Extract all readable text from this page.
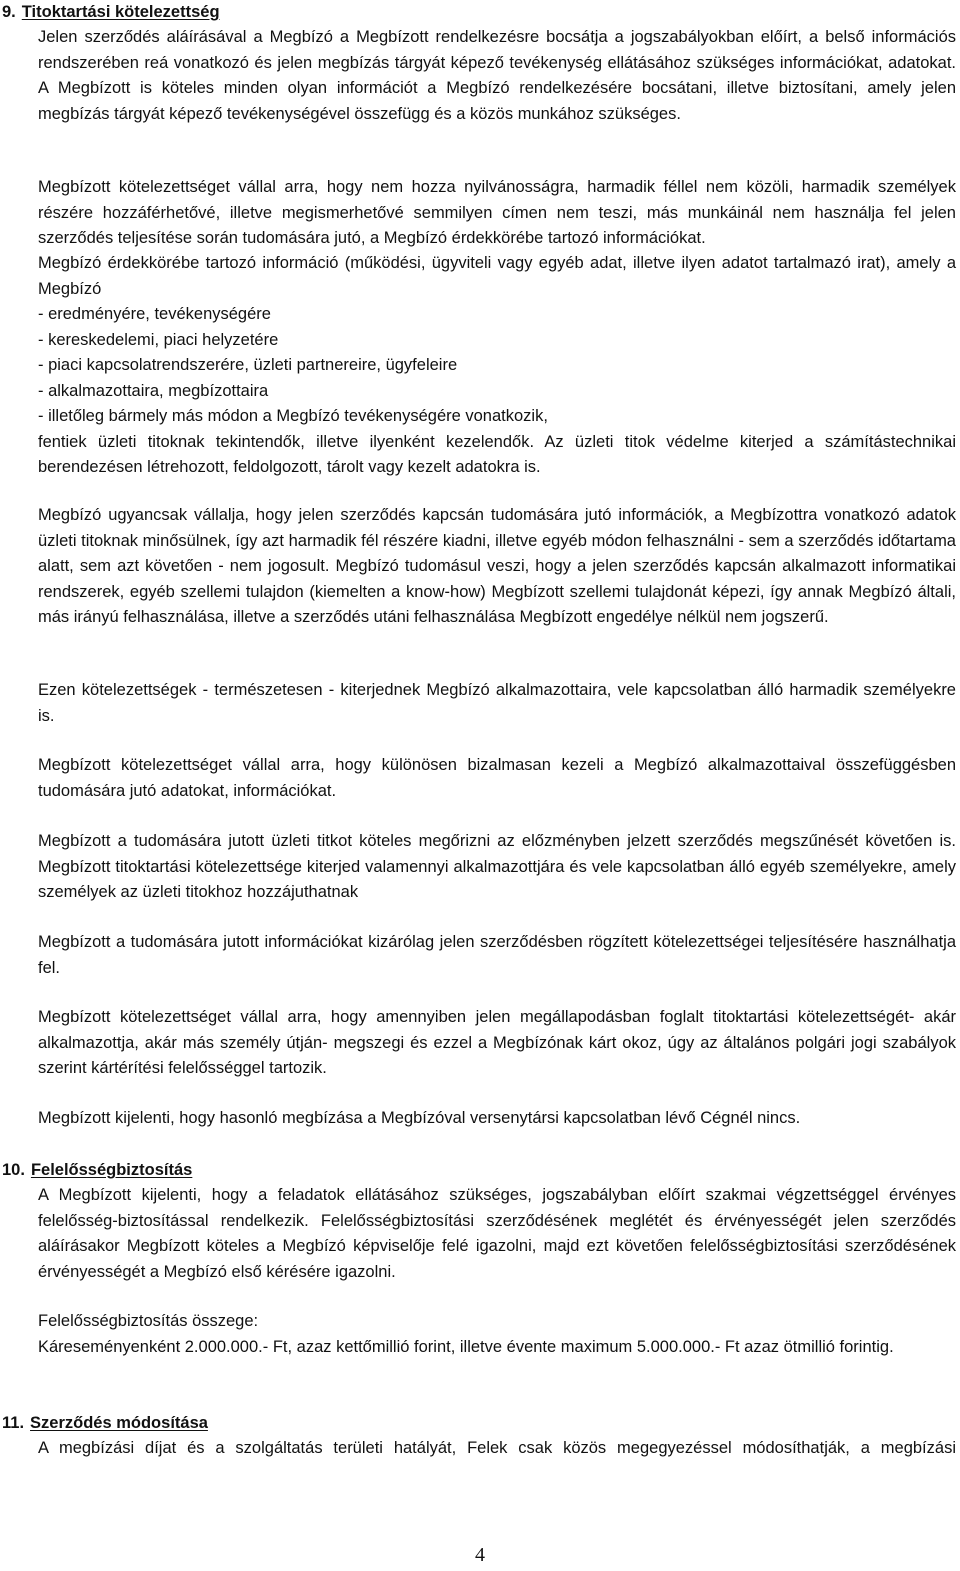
9. Titoktartási kötelezettség

Jelen szerződés aláírásával a Megbízó a Megbízott rendelkezésre bocsátja a jogszabályokban előírt, a belső információs rendszerében reá vonatkozó és jelen megbízás tárgyát képező tevékenység ellátásához szükséges információkat, adatokat. A Megbízott is köteles minden olyan információt a Megbízó rendelkezésére bocsátani, illetve biztosítani, amely jelen megbízás tárgyát képező tevékenységével összefügg és a közös munkához szükséges.

Megbízott kötelezettséget vállal arra, hogy nem hozza nyilvánosságra, harmadik féllel nem közöli, harmadik személyek részére hozzáférhetővé, illetve megismerhetővé semmilyen címen nem teszi, más munkáinál nem használja fel jelen szerződés teljesítése során tudomására jutó, a Megbízó érdekkörébe tartozó információkat.

Megbízó érdekkörébe tartozó információ (működési, ügyviteli vagy egyéb adat, illetve ilyen adatot tartalmazó irat), amely a Megbízó
- eredményére, tevékenységére
- kereskedelemi, piaci helyzetére
- piaci kapcsolatrendszerére, üzleti partnereire, ügyfeleire
- alkalmazottaira, megbízottaira
- illetőleg bármely más módon a Megbízó tevékenységére vonatkozik,
fentiek üzleti titoknak tekintendők, illetve ilyenként kezelendők. Az üzleti titok védelme kiterjed a számítástechnikai berendezésen létrehozott, feldolgozott, tárolt vagy kezelt adatokra is.

Megbízó ugyancsak vállalja, hogy jelen szerződés kapcsán tudomására jutó információk, a Megbízottra vonatkozó adatok üzleti titoknak minősülnek, így azt harmadik fél részére kiadni, illetve egyéb módon felhasználni - sem a szerződés időtartama alatt, sem azt követően - nem jogosult. Megbízó tudomásul veszi, hogy a jelen szerződés kapcsán alkalmazott informatikai rendszerek, egyéb szellemi tulajdon (kiemelten a know-how) Megbízott szellemi tulajdonát képezi, így annak Megbízó általi, más irányú felhasználása, illetve a szerződés utáni felhasználása Megbízott engedélye nélkül nem jogszerű.

Ezen kötelezettségek - természetesen - kiterjednek Megbízó alkalmazottaira, vele kapcsolatban álló harmadik személyekre is.

Megbízott kötelezettséget vállal arra, hogy különösen bizalmasan kezeli a Megbízó alkalmazottaival összefüggésben tudomására jutó adatokat, információkat.

Megbízott a tudomására jutott üzleti titkot köteles megőrizni az előzményben jelzett szerződés megszűnését követően is. Megbízott titoktartási kötelezettsége kiterjed valamennyi alkalmazottjára és vele kapcsolatban álló egyéb személyekre, amely személyek az üzleti titokhoz hozzájuthatnak

Megbízott a tudomására jutott információkat kizárólag jelen szerződésben rögzített kötelezettségei teljesítésére használhatja fel.

Megbízott kötelezettséget vállal arra, hogy amennyiben jelen megállapodásban foglalt titoktartási kötelezettségét- akár alkalmazottja, akár más személy útján- megszegi és ezzel a Megbízónak kárt okoz, úgy az általános polgári jogi szabályok szerint kártérítési felelősséggel tartozik.

Megbízott kijelenti, hogy hasonló megbízása a Megbízóval versenytársi kapcsolatban lévő Cégnél nincs.

10. Felelősségbiztosítás

A Megbízott kijelenti, hogy a feladatok ellátásához szükséges, jogszabályban előírt szakmai végzettséggel érvényes felelősség-biztosítással rendelkezik. Felelősségbiztosítási szerződésének meglétét és érvényességét jelen szerződés aláírásakor Megbízott köteles a Megbízó képviselője felé igazolni, majd ezt követően felelősségbiztosítási szerződésének érvényességét a Megbízó első kérésére igazolni.

Felelősségbiztosítás összege:
Káreseményenként 2.000.000.- Ft, azaz kettőmillió forint, illetve évente maximum 5.000.000.- Ft azaz ötmillió forintig.
11. Szerződés módosítása

A megbízási díjat és a szolgáltatás területi hatályát, Felek csak közös megegyezéssel módosíthatják, a megbízási

4
